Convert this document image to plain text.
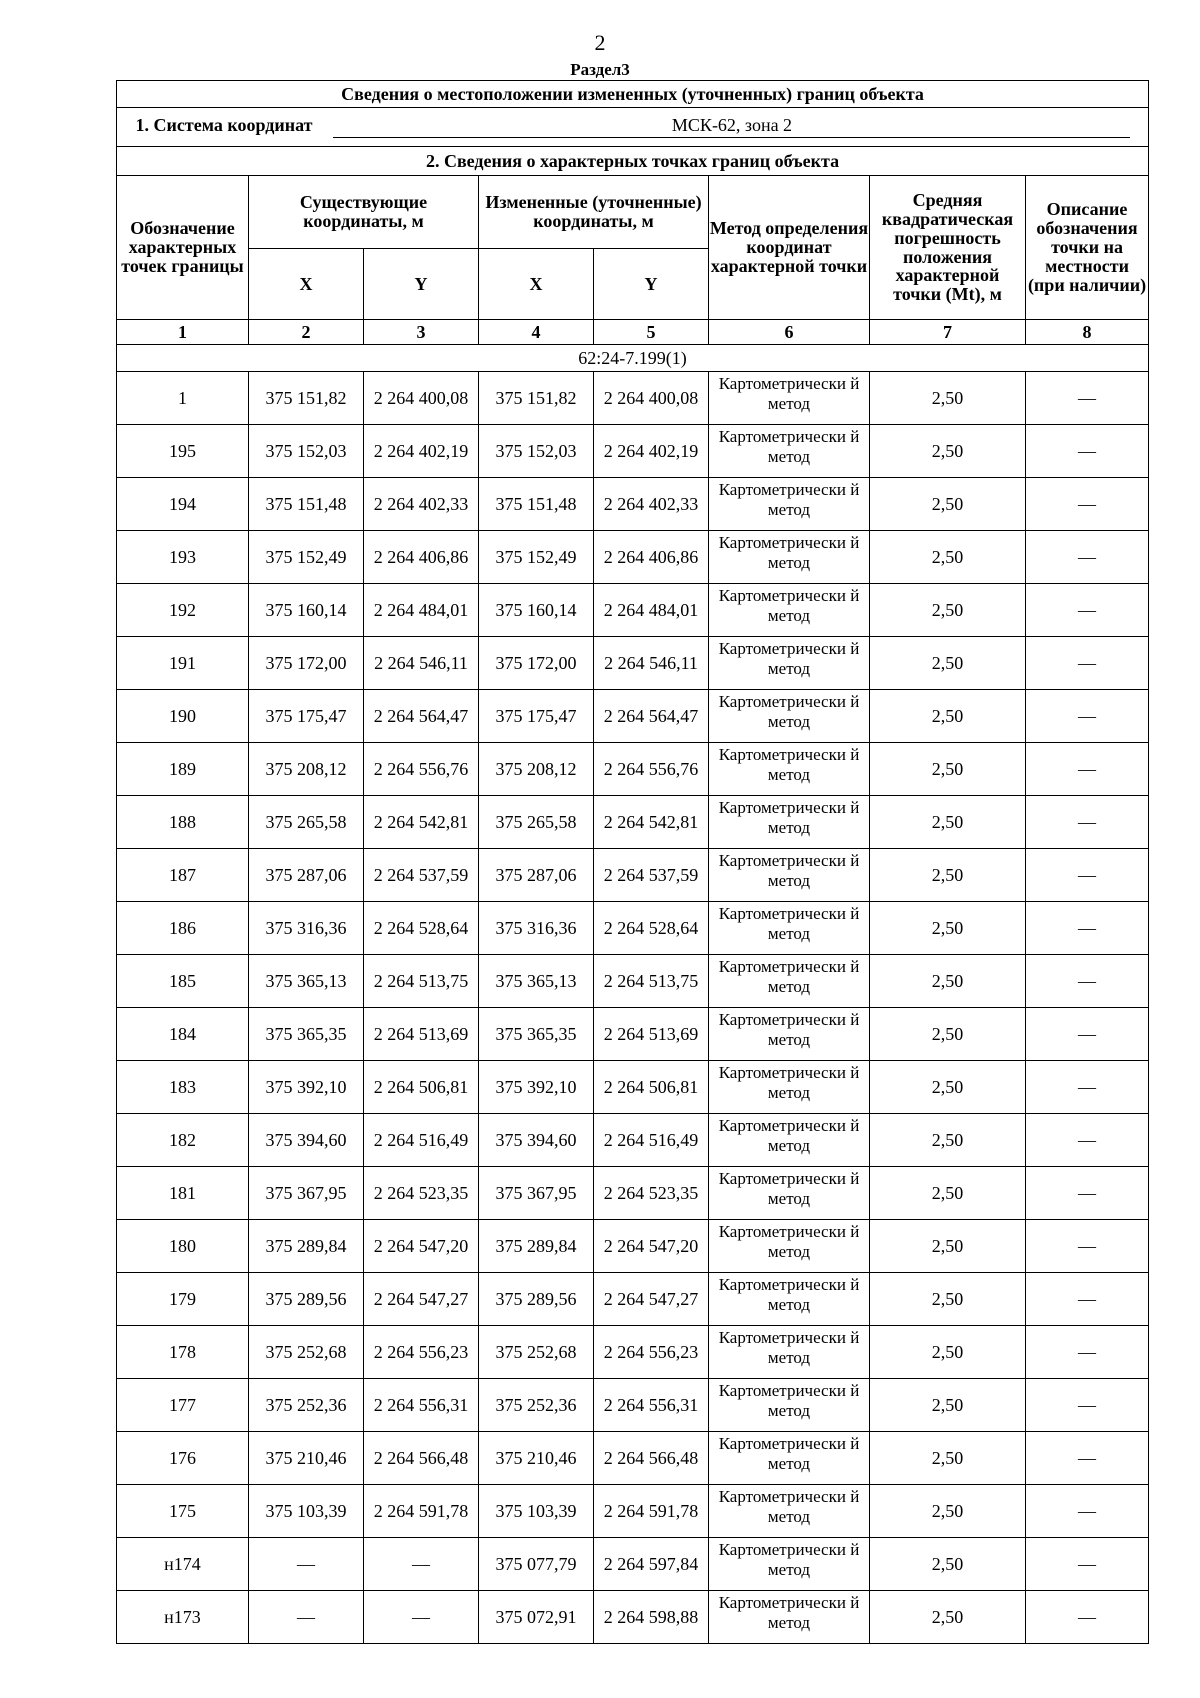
2
Раздел3
Сведения о местоположении измененных (уточненных) границ объекта							
1. Система координат МСК-62, зона 2							
2. Сведения о характерных точках границ объекта							
Обозначение характерных точек границы	Существующие координаты, м		Измененные (уточненные) координаты, м		Метод определения координат характерной точки	Средняя квадратическая погрешность положения характерной точки (Mt), м	Описание обозначения точки на местности (при наличии)
	X	Y	X	Y			
1	2	3	4	5	6	7	8
62:24-7.199(1)							
1	375 151,82	2 264 400,08	375 151,82	2 264 400,08	Картометрически й метод	2,50	—
195	375 152,03	2 264 402,19	375 152,03	2 264 402,19	Картометрически й метод	2,50	—
194	375 151,48	2 264 402,33	375 151,48	2 264 402,33	Картометрически й метод	2,50	—
193	375 152,49	2 264 406,86	375 152,49	2 264 406,86	Картометрически й метод	2,50	—
192	375 160,14	2 264 484,01	375 160,14	2 264 484,01	Картометрически й метод	2,50	—
191	375 172,00	2 264 546,11	375 172,00	2 264 546,11	Картометрически й метод	2,50	—
190	375 175,47	2 264 564,47	375 175,47	2 264 564,47	Картометрически й метод	2,50	—
189	375 208,12	2 264 556,76	375 208,12	2 264 556,76	Картометрически й метод	2,50	—
188	375 265,58	2 264 542,81	375 265,58	2 264 542,81	Картометрически й метод	2,50	—
187	375 287,06	2 264 537,59	375 287,06	2 264 537,59	Картометрически й метод	2,50	—
186	375 316,36	2 264 528,64	375 316,36	2 264 528,64	Картометрически й метод	2,50	—
185	375 365,13	2 264 513,75	375 365,13	2 264 513,75	Картометрически й метод	2,50	—
184	375 365,35	2 264 513,69	375 365,35	2 264 513,69	Картометрически й метод	2,50	—
183	375 392,10	2 264 506,81	375 392,10	2 264 506,81	Картометрически й метод	2,50	—
182	375 394,60	2 264 516,49	375 394,60	2 264 516,49	Картометрически й метод	2,50	—
181	375 367,95	2 264 523,35	375 367,95	2 264 523,35	Картометрически й метод	2,50	—
180	375 289,84	2 264 547,20	375 289,84	2 264 547,20	Картометрически й метод	2,50	—
179	375 289,56	2 264 547,27	375 289,56	2 264 547,27	Картометрически й метод	2,50	—
178	375 252,68	2 264 556,23	375 252,68	2 264 556,23	Картометрически й метод	2,50	—
177	375 252,36	2 264 556,31	375 252,36	2 264 556,31	Картометрически й метод	2,50	—
176	375 210,46	2 264 566,48	375 210,46	2 264 566,48	Картометрически й метод	2,50	—
175	375 103,39	2 264 591,78	375 103,39	2 264 591,78	Картометрически й метод	2,50	—
н174	—	—	375 077,79	2 264 597,84	Картометрически й метод	2,50	—
н173	—	—	375 072,91	2 264 598,88	Картометрически й метод	2,50	—
